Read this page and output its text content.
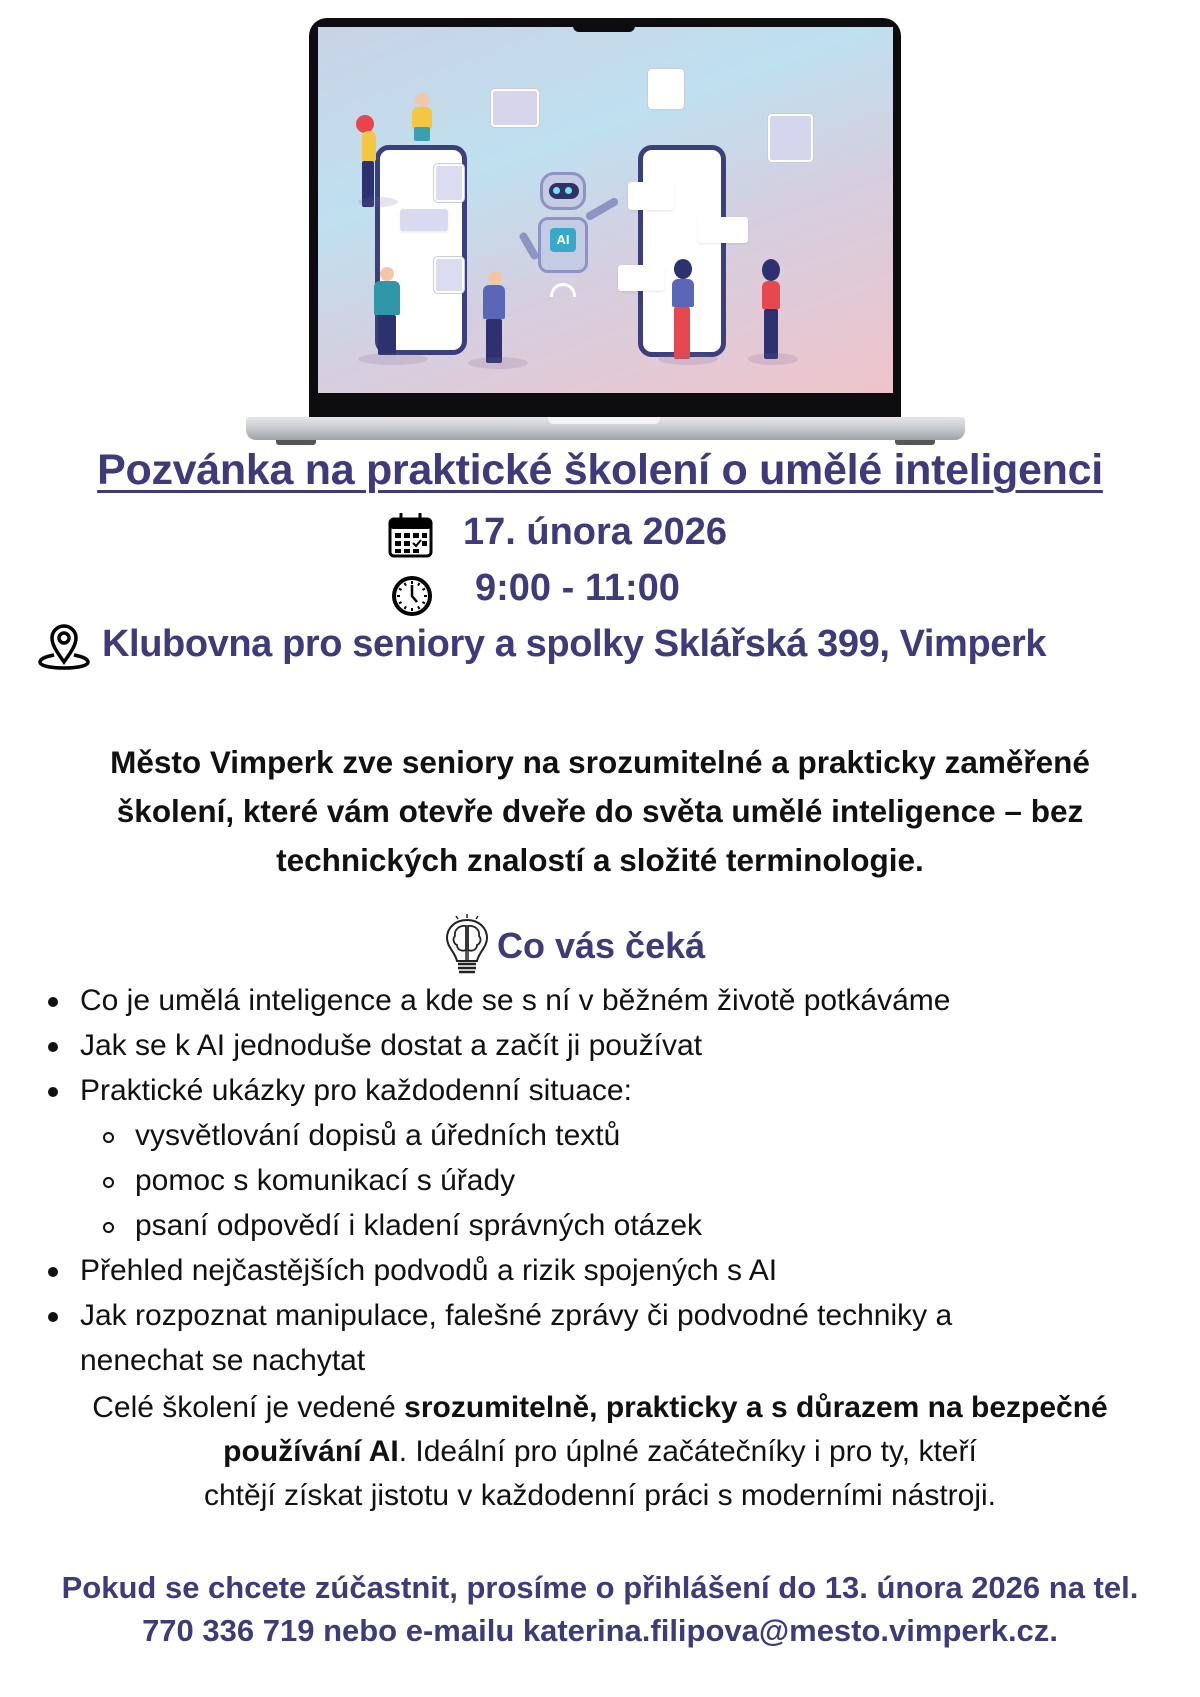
AI
Pozvánka na praktické školení o umělé inteligenci
17. února 2026
9:00 - 11:00
Klubovna pro seniory a spolky Sklářská 399, Vimperk

Město Vimperk zve seniory na srozumitelné a prakticky zaměřené

školení, které vám otevře dveře do světa umělé inteligence – bez

technických znalostí a složité terminologie.

Co vás čeká
Co je umělá inteligence a kde se s ní v běžném životě potkáváme
Jak se k AI jednoduše dostat a začít ji používat
Praktické ukázky pro každodenní situace:
vysvětlování dopisů a úředních textů
pomoc s komunikací s úřady
psaní odpovědí i kladení správných otázek
Přehled nejčastějších podvodů a rizik spojených s AI
Jak rozpoznat manipulace, falešné zprávy či podvodné techniky a
nenechat se nachytat

Celé školení je vedené srozumitelně, prakticky a s důrazem na bezpečné

používání AI. Ideální pro úplné začátečníky i pro ty, kteří

chtějí získat jistotu v každodenní práci s moderními nástroji.

Pokud se chcete zúčastnit, prosíme o přihlášení do 13. února 2026 na tel.

770 336 719 nebo e-mailu katerina.filipova@mesto.vimperk.cz.
